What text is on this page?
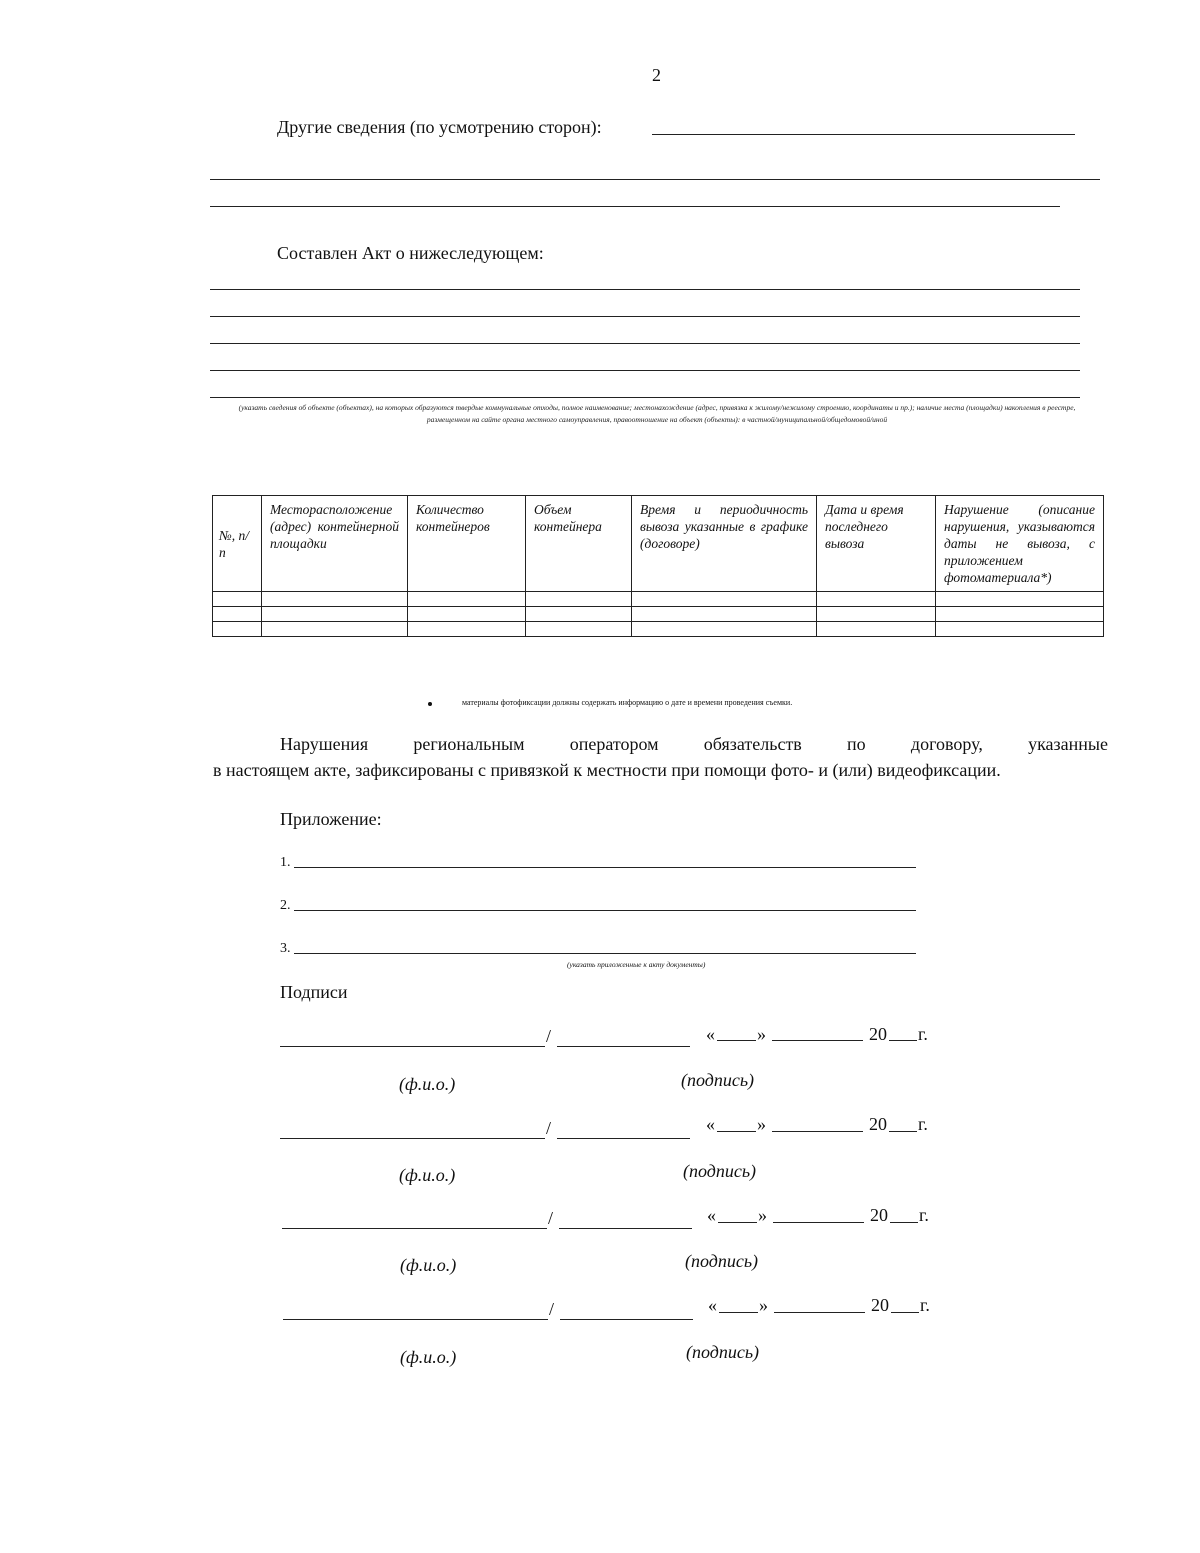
2
Другие сведения (по усмотрению сторон):
Составлен Акт о нижеследующем:
(указать сведения об объекте (объектах), на которых образуются твердые коммунальные отходы, полное наименование; местонахождение (адрес, привязка к жилому/нежилому строению, координаты и пр.); наличие места (площадки) накопления в реестре, размещенном на сайте органа местного самоуправления, правоотношение на объект (объекты): в частной/муниципальной/общедомовой/иной
№, п/п	Месторасположение (адрес) контейнерной площадки	Количество контейнеров	Объем контейнера	Время и периодичность вывоза указанные в графике (договоре)	Дата и время последнего вывоза	Нарушение (описание нарушения, указываются даты не вывоза, с приложением фотоматериала*)

материалы фотофиксации должны содержать информацию о дате и времени проведения съемки.
Нарушения региональным оператором обязательств по договору, указанные
в настоящем акте, зафиксированы с привязкой к местности при помощи фото- и (или) видеофиксации.
Приложение:
1.
2.
3.
(указать приложенные к акту документы)
Подписи
/	« »	20 г.
(ф.и.о.)	(подпись)
/	« »	20 г.
(ф.и.о.)	(подпись)
/	« »	20 г.
(ф.и.о.)	(подпись)
/	« »	20 г.
(ф.и.о.)	(подпись)
